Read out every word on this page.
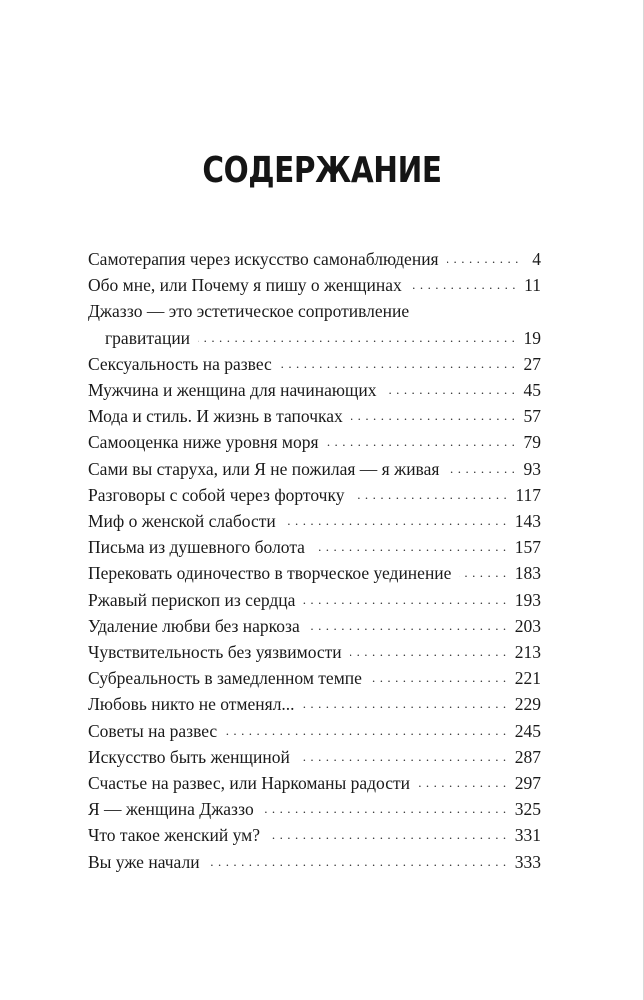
СОДЕРЖАНИЕ
Самотерапия через искусство самонаблюдения . . .	4
Обо мне, или Почему я пишу о женщинах . . .	11
Джаззо — это эстетическое сопротивление
гравитации . . .	19
Сексуальность на развес . . .	27
Мужчина и женщина для начинающих . . .	45
Мода и стиль. И жизнь в тапочках . . .	57
Самооценка ниже уровня моря . . .	79
Сами вы старуха, или Я не пожилая — я живая . . .	93
Разговоры с собой через форточку . . .	117
Миф о женской слабости . . .	143
Письма из душевного болота . . .	157
Перековать одиночество в творческое уединение . . .	183
Ржавый перископ из сердца . . .	193
Удаление любви без наркоза . . .	203
Чувствительность без уязвимости . . .	213
Субреальность в замедленном темпе . . .	221
Любовь никто не отменял... . . .	229
Советы на развес . . .	245
Искусство быть женщиной . . .	287
Счастье на развес, или Наркоманы радости . . .	297
Я — женщина Джаззо . . .	325
Что такое женский ум? . . .	331
Вы уже начали . . .	333
